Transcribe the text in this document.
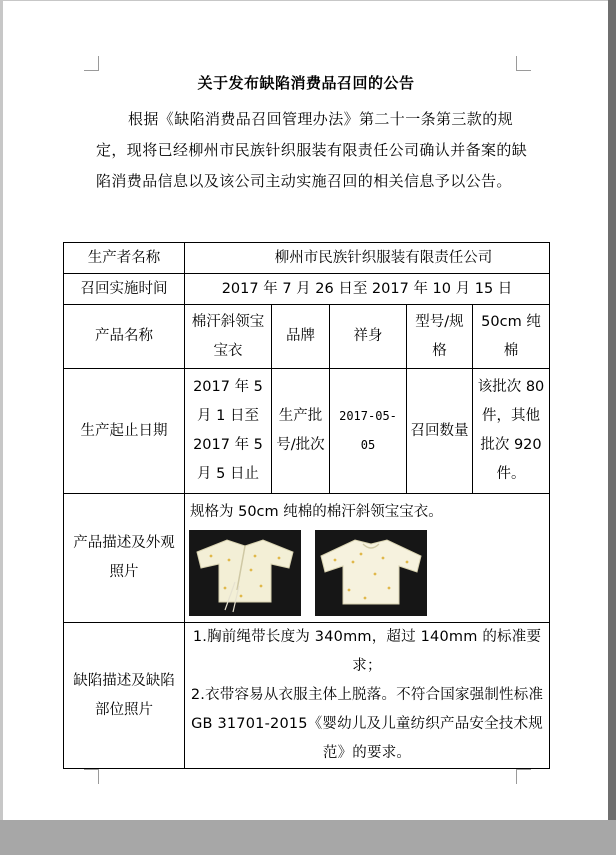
关于发布缺陷消费品召回的公告
根据《缺陷消费品召回管理办法》第二十一条第三款的规定，现将已经柳州市民族针织服装有限责任公司确认并备案的缺陷消费品信息以及该公司主动实施召回的相关信息予以公告。
生产者名称	柳州市民族针织服装有限责任公司				
召回实施时间	2017 年 7 月 26 日至 2017 年 10 月 15 日				
产品名称	棉汗斜领宝宝衣	品牌	祥身	型号/规格	50cm 纯棉
生产起止日期	2017 年 5 月 1 日至 2017 年 5 月 5 日止	生产批号/批次	2017-05-05	召回数量	该批次 80 件，其他批次 920 件。
产品描述及外观照片	规格为 50cm 纯棉的棉汗斜领宝宝衣。				

缺陷描述及缺陷部位照片	1.胸前绳带长度为 340mm，超过 140mm 的标准要求；
2.衣带容易从衣服主体上脱落。不符合国家强制性标准 GB 31701-2015《婴幼儿及儿童纺织产品安全技术规范》的要求。				
